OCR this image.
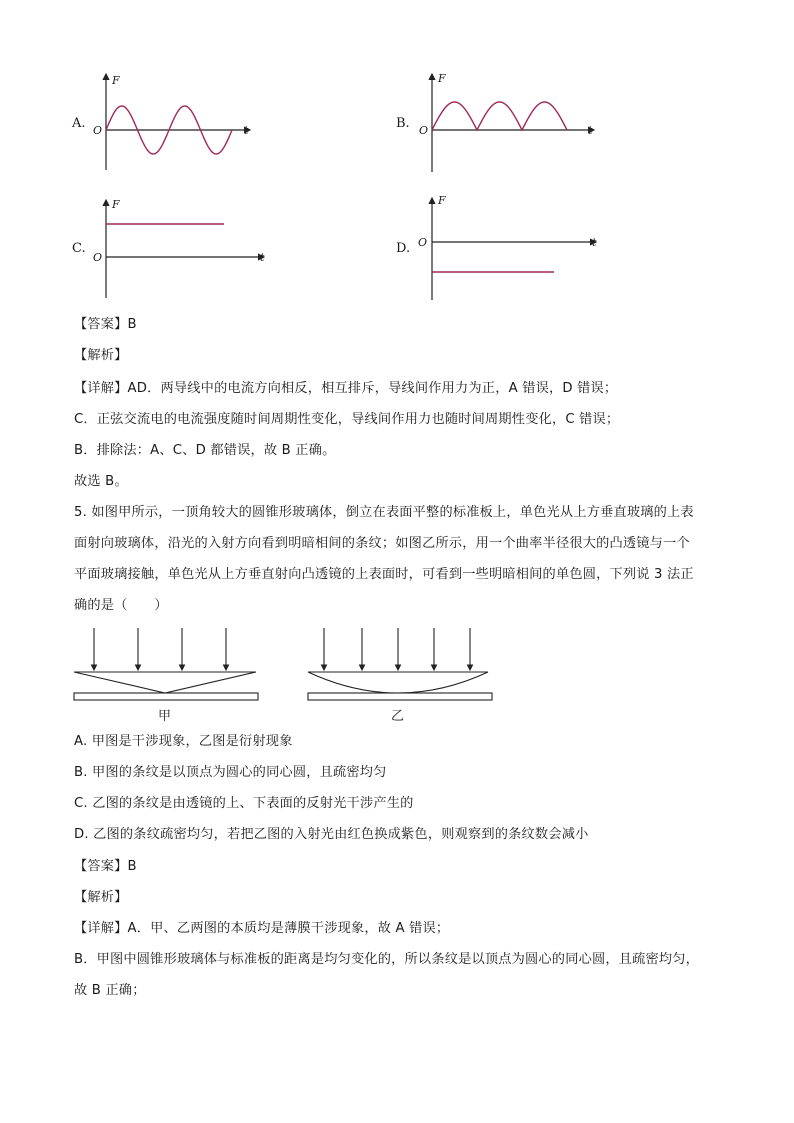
A.	B.
C.	D.
F
t
O
F
t
O
F
t
O
F
t
O
【答案】B
【解析】
【详解】AD．两导线中的电流方向相反，相互排斥，导线间作用力为正，A 错误，D 错误；
C．正弦交流电的电流强度随时间周期性变化，导线间作用力也随时间周期性变化，C 错误；
B．排除法：A、C、D 都错误，故 B 正确。
故选 B。
5. 如图甲所示，一顶角较大的圆锥形玻璃体，倒立在表面平整的标准板上，单色光从上方垂直玻璃的上表
面射向玻璃体，沿光的入射方向看到明暗相间的条纹；如图乙所示，用一个曲率半径很大的凸透镜与一个
平面玻璃接触，单色光从上方垂直射向凸透镜的上表面时，可看到一些明暗相间的单色圆，下列说 3 法正
确的是（　　）
甲	乙
A. 甲图是干涉现象，乙图是衍射现象
B. 甲图的条纹是以顶点为圆心的同心圆，且疏密均匀
C. 乙图的条纹是由透镜的上、下表面的反射光干涉产生的
D. 乙图的条纹疏密均匀，若把乙图的入射光由红色换成紫色，则观察到的条纹数会减小
【答案】B
【解析】
【详解】A．甲、乙两图的本质均是薄膜干涉现象，故 A 错误；
B．甲图中圆锥形玻璃体与标准板的距离是均匀变化的，所以条纹是以顶点为圆心的同心圆，且疏密均匀，
故 B 正确；
